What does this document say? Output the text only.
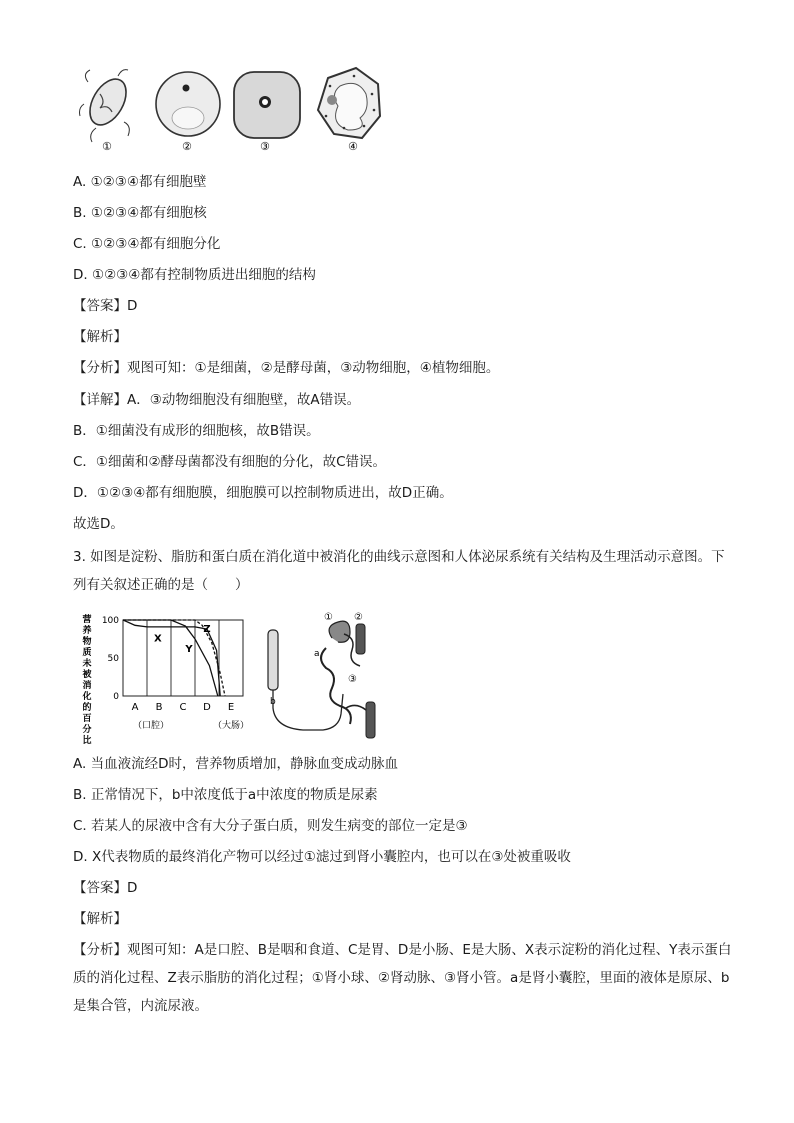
①	②	③	④
A. ①②③④都有细胞壁
B. ①②③④都有细胞核
C. ①②③④都有细胞分化
D. ①②③④都有控制物质进出细胞的结构
【答案】D
【解析】
【分析】观图可知：①是细菌，②是酵母菌，③动物细胞，④植物细胞。
【详解】A．③动物细胞没有细胞壁，故A错误。
B．①细菌没有成形的细胞核，故B错误。
C．①细菌和②酵母菌都没有细胞的分化，故C错误。
D．①②③④都有细胞膜，细胞膜可以控制物质进出，故D正确。
故选D。
3. 如图是淀粉、脂肪和蛋白质在消化道中被消化的曲线示意图和人体泌尿系统有关结构及生理活动示意图。下列有关叙述正确的是（　　）
营养物质未被消化的百分比
100
50
0
A B C D E
X
Y
Z
（口腔）	（大肠）
① ②
③
a
b
A. 当血液流经D时，营养物质增加，静脉血变成动脉血
B. 正常情况下，b中浓度低于a中浓度的物质是尿素
C. 若某人的尿液中含有大分子蛋白质，则发生病变的部位一定是③
D. X代表物质的最终消化产物可以经过①滤过到肾小囊腔内，也可以在③处被重吸收
【答案】D
【解析】
【分析】观图可知：A是口腔、B是咽和食道、C是胃、D是小肠、E是大肠、X表示淀粉的消化过程、Y表示蛋白质的消化过程、Z表示脂肪的消化过程；①肾小球、②肾动脉、③肾小管。a是肾小囊腔，里面的液体是原尿、b是集合管，内流尿液。
